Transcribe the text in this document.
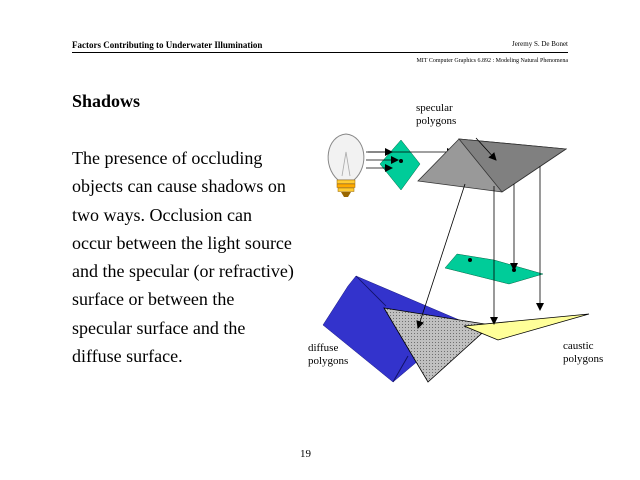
Factors Contributing to Underwater Illumination	Jeremy S. De Bonet
MIT Computer Graphics 6.892 : Modeling Natural Phenomena
Shadows
The presence of occluding objects can cause shadows on two ways. Occlusion can occur between the light source and the specular (or refractive) surface or between the specular surface and the diffuse surface.
specular polygons
diffuse polygons
caustic polygons
19
